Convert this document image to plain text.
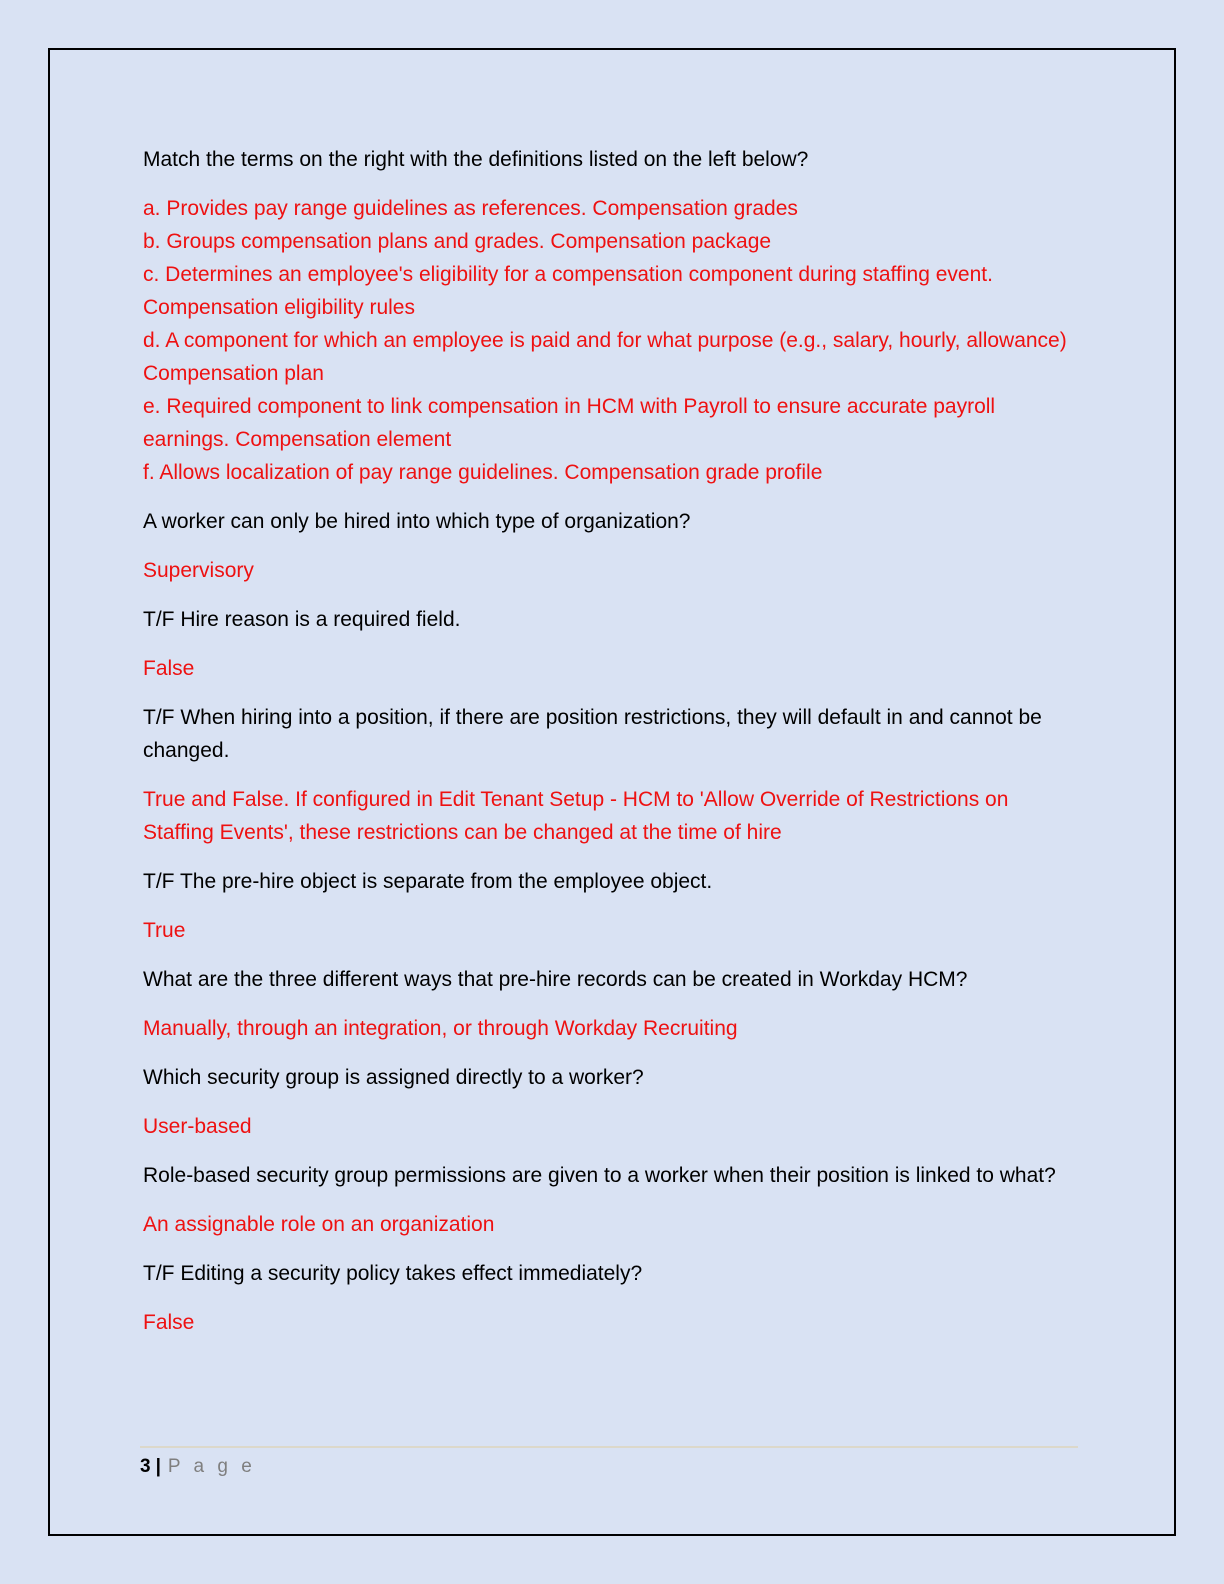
Match the terms on the right with the definitions listed on the left below?

a. Provides pay range guidelines as references. Compensation grades
b. Groups compensation plans and grades. Compensation package
c. Determines an employee's eligibility for a compensation component during staffing event. Compensation eligibility rules
d. A component for which an employee is paid and for what purpose (e.g., salary, hourly, allowance) Compensation plan
e. Required component to link compensation in HCM with Payroll to ensure accurate payroll earnings. Compensation element
f. Allows localization of pay range guidelines. Compensation grade profile

A worker can only be hired into which type of organization?

Supervisory

T/F Hire reason is a required field.

False

T/F When hiring into a position, if there are position restrictions, they will default in and cannot be changed.

True and False. If configured in Edit Tenant Setup - HCM to 'Allow Override of Restrictions on Staffing Events', these restrictions can be changed at the time of hire

T/F The pre-hire object is separate from the employee object.

True

What are the three different ways that pre-hire records can be created in Workday HCM?

Manually, through an integration, or through Workday Recruiting

Which security group is assigned directly to a worker?

User-based

Role-based security group permissions are given to a worker when their position is linked to what?

An assignable role on an organization

T/F Editing a security policy takes effect immediately?

False

3 | P a g e
